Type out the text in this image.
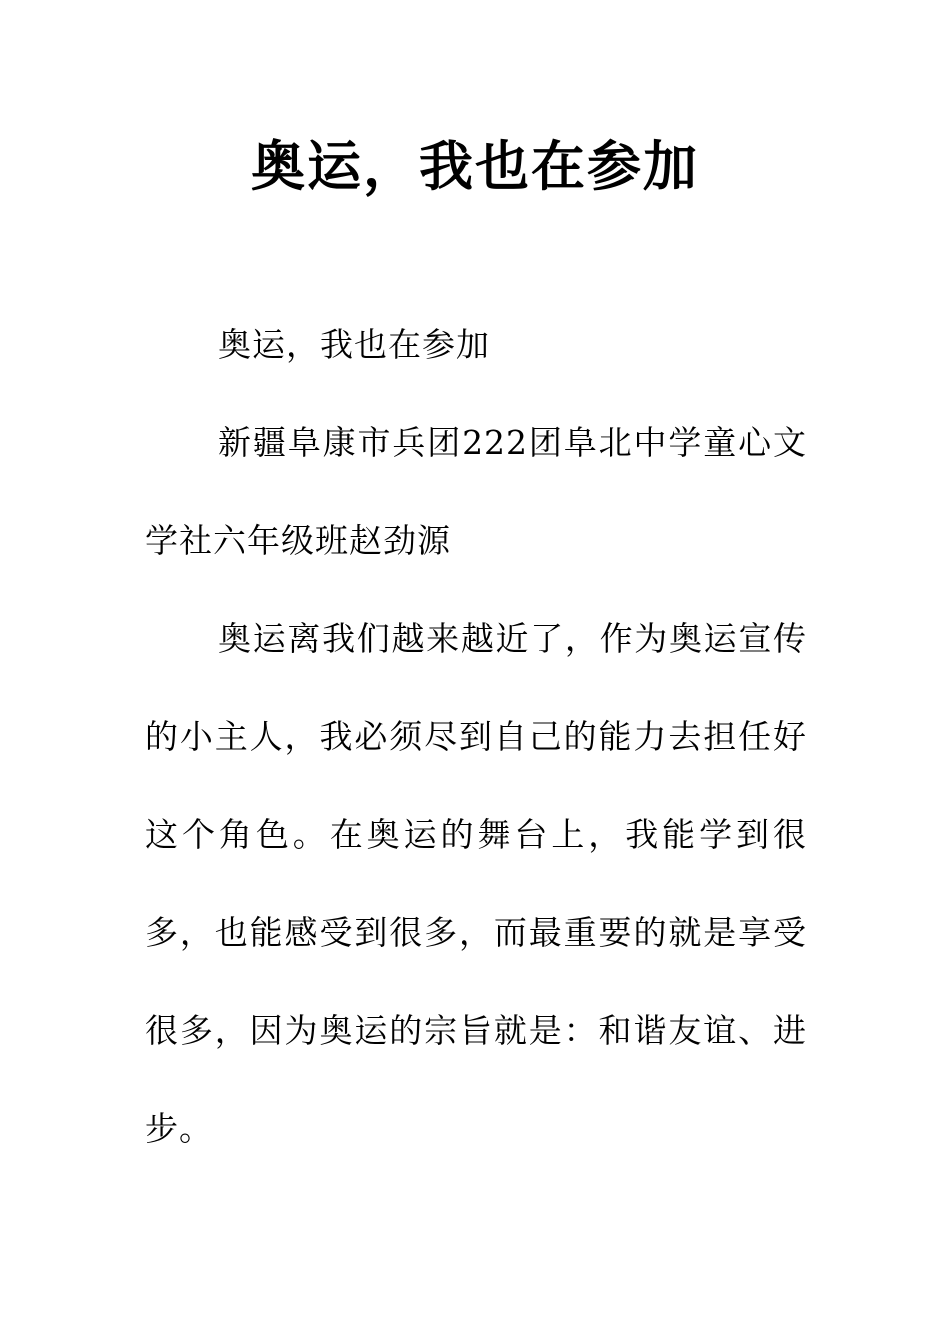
奥运，我也在参加

奥运，我也在参加

新疆阜康市兵团222团阜北中学童心文学社六年级班赵劲源

奥运离我们越来越近了，作为奥运宣传的小主人，我必须尽到自己的能力去担任好这个角色。在奥运的舞台上，我能学到很多，也能感受到很多，而最重要的就是享受很多，因为奥运的宗旨就是：和谐友谊、进步。
